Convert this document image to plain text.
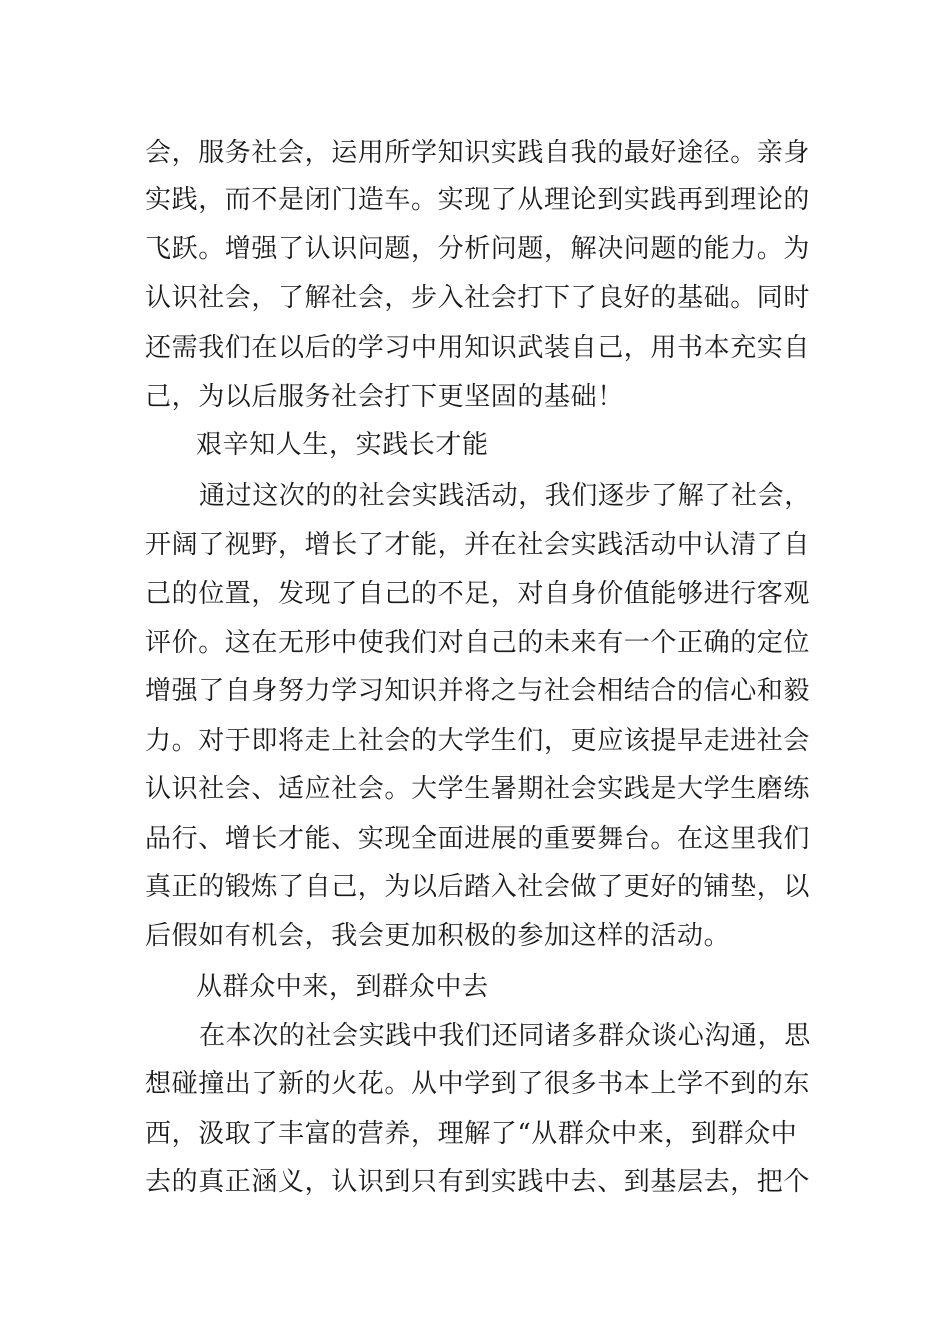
会，服务社会，运用所学知识实践自我的最好途径。亲身
实践，而不是闭门造车。实现了从理论到实践再到理论的
飞跃。增强了认识问题，分析问题，解决问题的能力。为
认识社会，了解社会，步入社会打下了良好的基础。同时
还需我们在以后的学习中用知识武装自己，用书本充实自
己，为以后服务社会打下更坚固的基础！
艰辛知人生，实践长才能
通过这次的的社会实践活动，我们逐步了解了社会，
开阔了视野，增长了才能，并在社会实践活动中认清了自
己的位置，发现了自己的不足，对自身价值能够进行客观
评价。这在无形中使我们对自己的未来有一个正确的定位
增强了自身努力学习知识并将之与社会相结合的信心和毅
力。对于即将走上社会的大学生们，更应该提早走进社会
认识社会、适应社会。大学生暑期社会实践是大学生磨练
品行、增长才能、实现全面进展的重要舞台。在这里我们
真正的锻炼了自己，为以后踏入社会做了更好的铺垫，以
后假如有机会，我会更加积极的参加这样的活动。
从群众中来，到群众中去
在本次的社会实践中我们还同诸多群众谈心沟通，思
想碰撞出了新的火花。从中学到了很多书本上学不到的东
西，汲取了丰富的营养，理解了“从群众中来，到群众中
去的真正涵义，认识到只有到实践中去、到基层去，把个
